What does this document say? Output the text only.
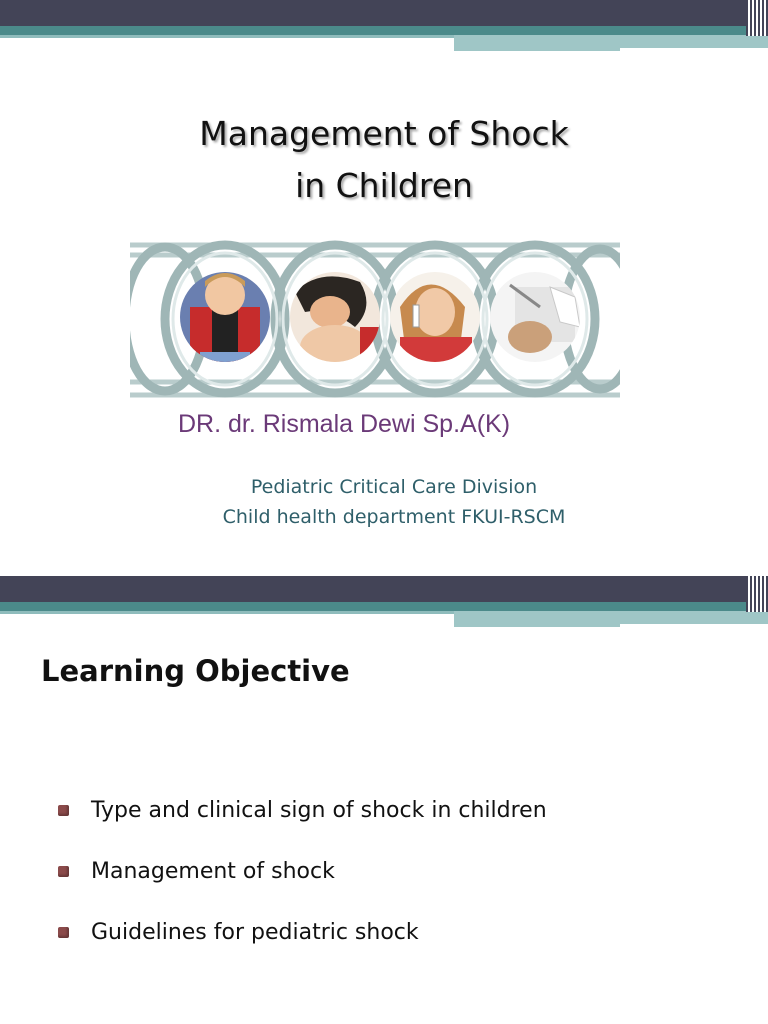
Management of Shock
in Children
DR. dr. Rismala Dewi Sp.A(K)
Pediatric Critical Care Division
Child health department FKUI-RSCM
Learning Objective
Type and clinical sign of shock in children
Management of shock
Guidelines for pediatric shock
